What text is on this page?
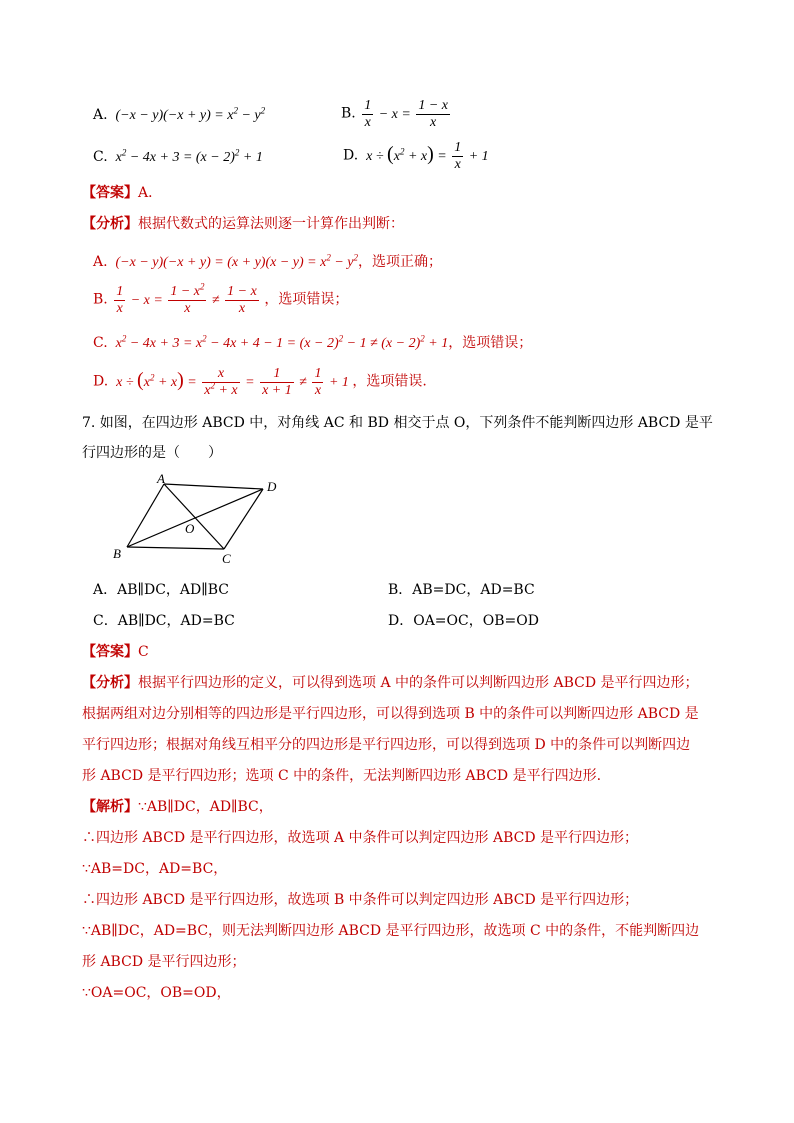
A.  $(-x - y)(-x + y) = x^2 - y^2$	B. $\frac{1}{x} - x = \frac{1 - x}{x}$
C.  $x^2 - 4x + 3 = (x - 2)^2 + 1$	D.  $x \div (x^2 + x) = \frac{1}{x} + 1$
【答案】A．
【分析】根据代数式的运算法则逐一计算作出判断：
A.  $(-x - y)(-x + y) = (x + y)(x - y) = x^2 - y^2$，选项正确；
B. $\frac{1}{x} - x = \frac{1 - x^2}{x} \ne \frac{1 - x}{x}$ ，选项错误；
C.  $x^2 - 4x + 3 = x^2 - 4x + 4 - 1 = (x - 2)^2 - 1 \ne (x - 2)^2 + 1$，选项错误；
D.  $x \div (x^2 + x) = \frac{x}{x^2 + x} = \frac{1}{x + 1} \ne \frac{1}{x} + 1$ ，选项错误.
7. 如图，在四边形 ABCD 中，对角线 AC 和 BD 相交于点 O，下列条件不能判断四边形 ABCD 是平
行四边形的是（　　）
A
D
B	C
O
A．AB∥DC，AD∥BC	B．AB=DC，AD=BC
C．AB∥DC，AD=BC	D．OA=OC，OB=OD
【答案】C
【分析】根据平行四边形的定义，可以得到选项 A 中的条件可以判断四边形 ABCD 是平行四边形；
根据两组对边分别相等的四边形是平行四边形，可以得到选项 B 中的条件可以判断四边形 ABCD 是
平行四边形；根据对角线互相平分的四边形是平行四边形，可以得到选项 D 中的条件可以判断四边
形 ABCD 是平行四边形；选项 C 中的条件，无法判断四边形 ABCD 是平行四边形.
【解析】∵AB∥DC，AD∥BC，
∴四边形 ABCD 是平行四边形，故选项 A 中条件可以判定四边形 ABCD 是平行四边形；
∵AB=DC，AD=BC，
∴四边形 ABCD 是平行四边形，故选项 B 中条件可以判定四边形 ABCD 是平行四边形；
∵AB∥DC，AD=BC，则无法判断四边形 ABCD 是平行四边形，故选项 C 中的条件，不能判断四边
形 ABCD 是平行四边形；
∵OA=OC，OB=OD，
